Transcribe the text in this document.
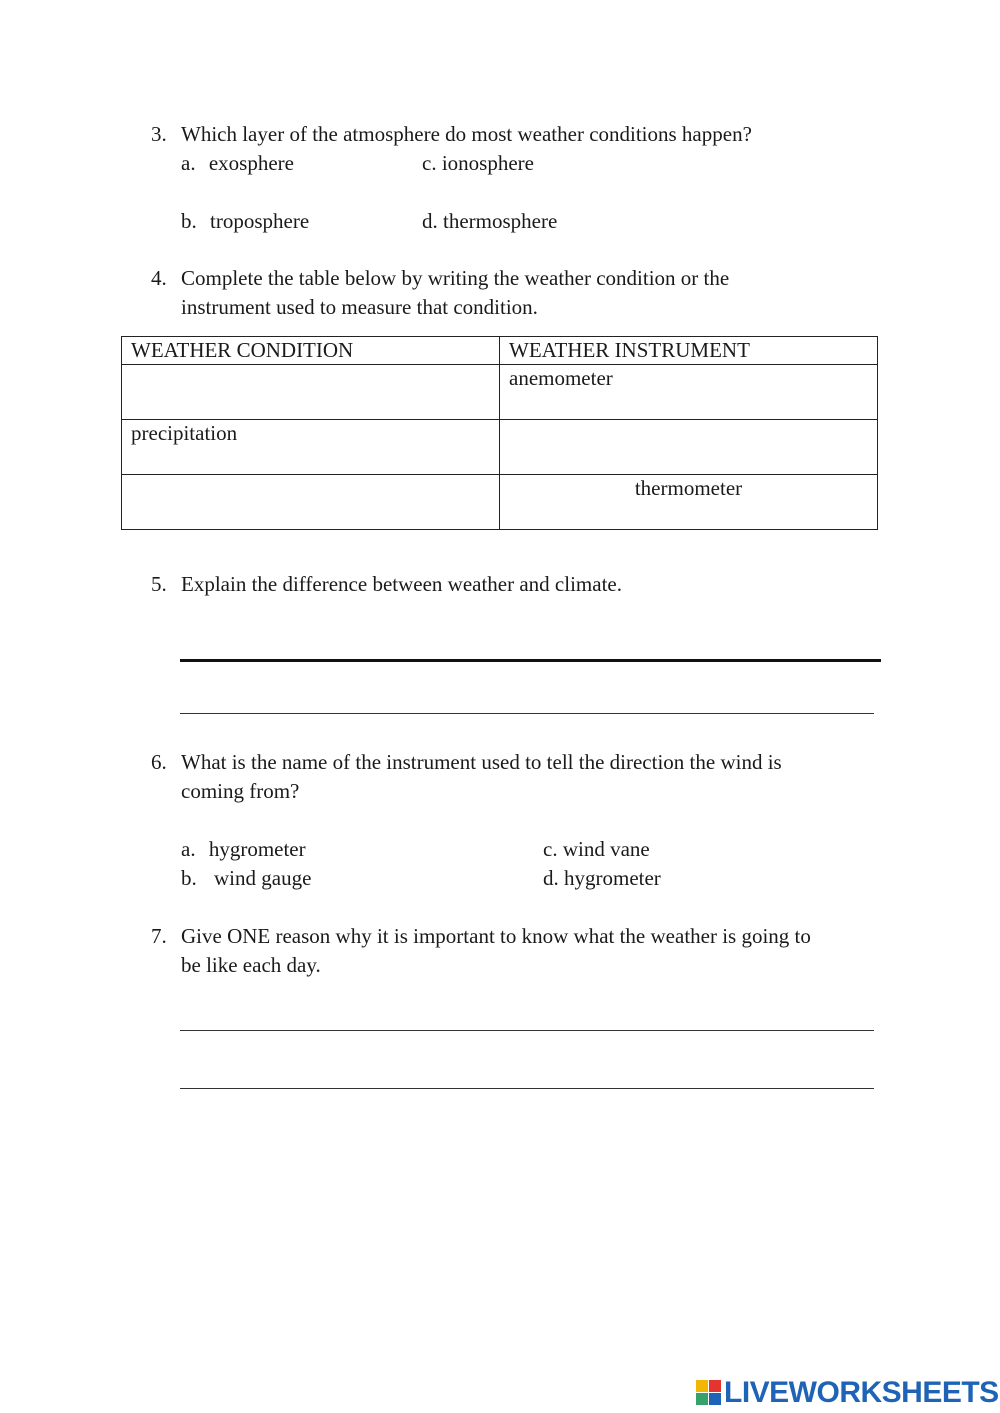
3. Which layer of the atmosphere do most weather conditions happen?
a. exosphere	c. ionosphere
b. troposphere	d. thermosphere
4. Complete the table below by writing the weather condition or the
instrument used to measure that condition.
WEATHER CONDITION	WEATHER INSTRUMENT
	anemometer
precipitation	
	thermometer
5. Explain the difference between weather and climate.
6. What is the name of the instrument used to tell the direction the wind is
coming from?
a. hygrometer	c. wind vane
b. wind gauge	d. hygrometer
7. Give ONE reason why it is important to know what the weather is going to
be like each day.
LIVEWORKSHEETS
